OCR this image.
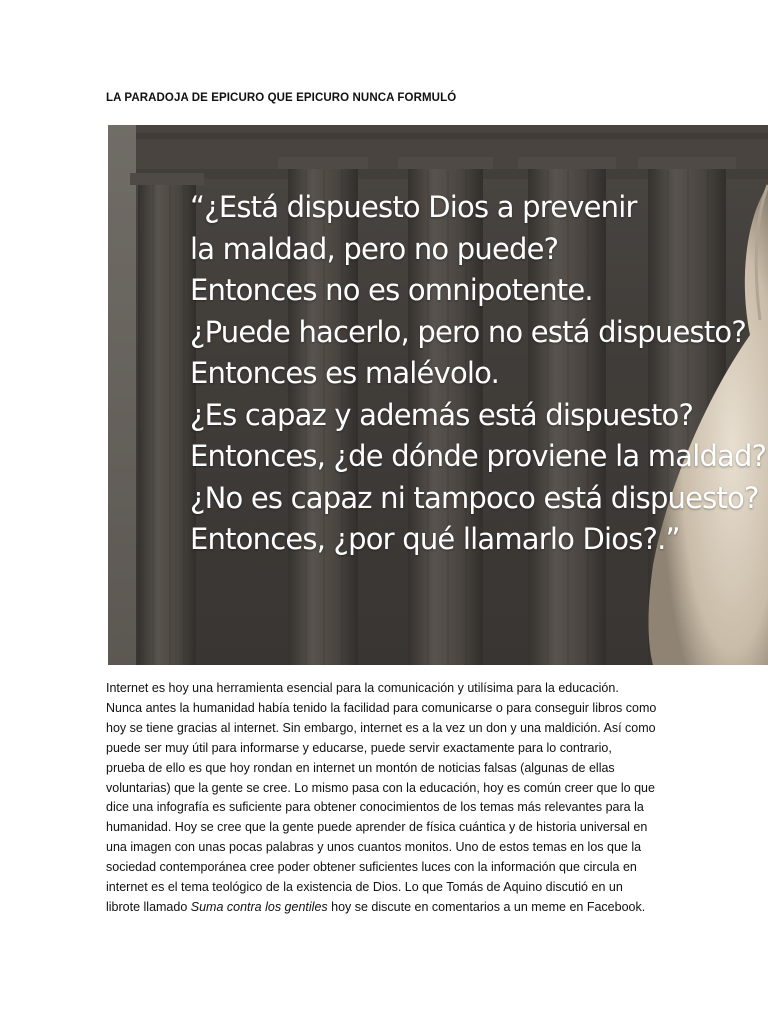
LA PARADOJA DE EPICURO QUE EPICURO NUNCA FORMULÓ
“¿Está dispuesto Dios a prevenir
la maldad, pero no puede?
Entonces no es omnipotente.
¿Puede hacerlo, pero no está dispuesto?
Entonces es malévolo.
¿Es capaz y además está dispuesto?
Entonces, ¿de dónde proviene la maldad?
¿No es capaz ni tampoco está dispuesto?
Entonces, ¿por qué llamarlo Dios?.”
Internet es hoy una herramienta esencial para la comunicación y utilísima para la educación.
Nunca antes la humanidad había tenido la facilidad para comunicarse o para conseguir libros como
hoy se tiene gracias al internet. Sin embargo, internet es a la vez un don y una maldición. Así como
puede ser muy útil para informarse y educarse, puede servir exactamente para lo contrario,
prueba de ello es que hoy rondan en internet un montón de noticias falsas (algunas de ellas
voluntarias) que la gente se cree. Lo mismo pasa con la educación, hoy es común creer que lo que
dice una infografía es suficiente para obtener conocimientos de los temas más relevantes para la
humanidad. Hoy se cree que la gente puede aprender de física cuántica y de historia universal en
una imagen con unas pocas palabras y unos cuantos monitos. Uno de estos temas en los que la
sociedad contemporánea cree poder obtener suficientes luces con la información que circula en
internet es el tema teológico de la existencia de Dios. Lo que Tomás de Aquino discutió en un
librote llamado Suma contra los gentiles hoy se discute en comentarios a un meme en Facebook.
